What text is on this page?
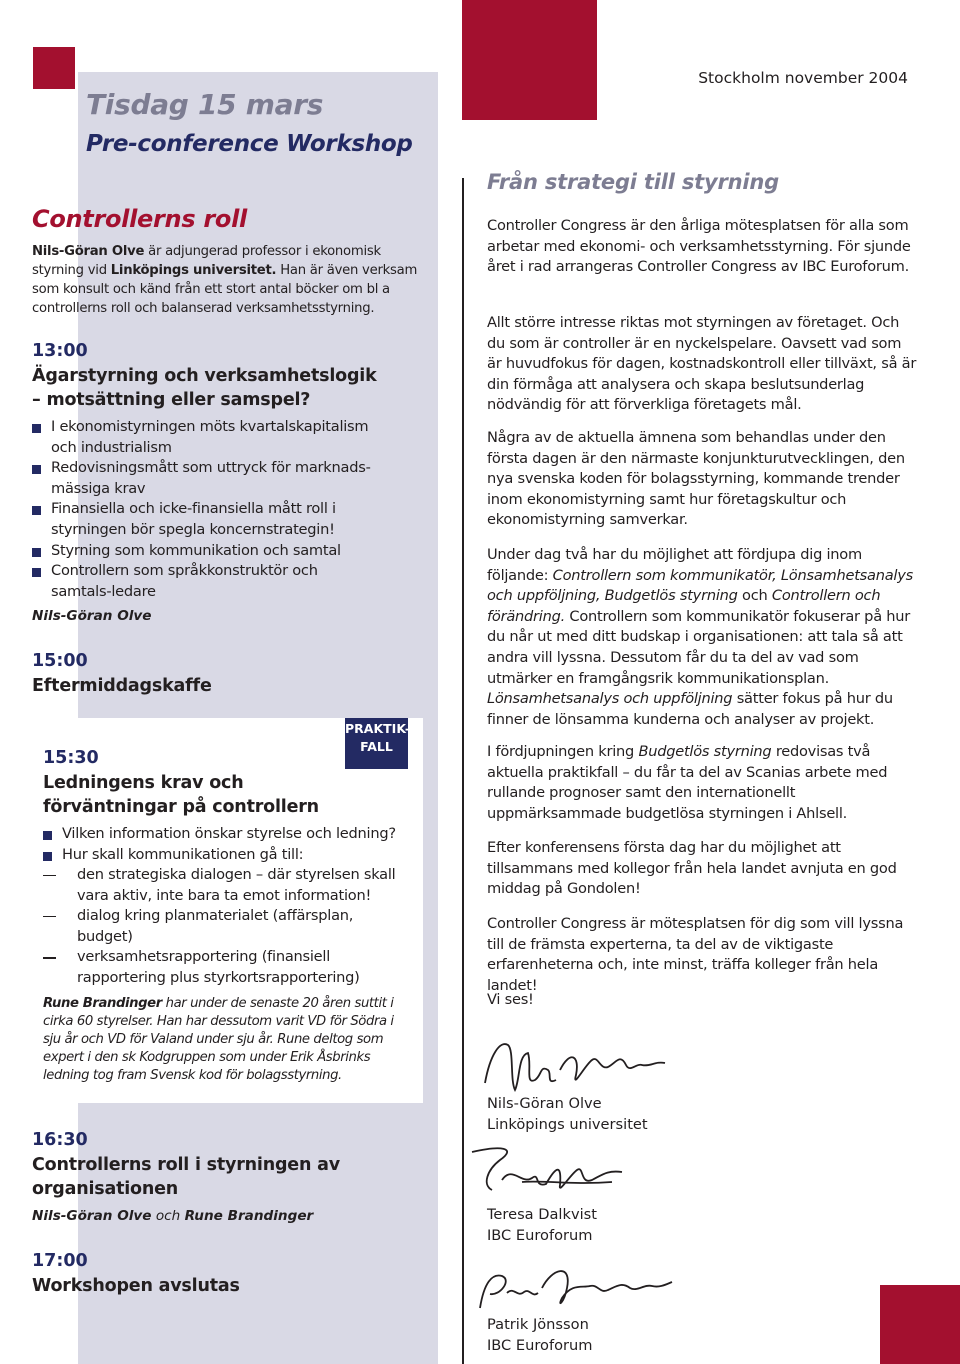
Tisdag 15 mars
Pre-conference Workshop
Stockholm november 2004
Controllerns roll
Nils-Göran Olve är adjungerad professor i ekonomisk styrning vid Linköpings universitet. Han är även verksam som konsult och känd från ett stort antal böcker om bl a controllerns roll och balanserad verksamhetsstyrning.
13:00
Ägarstyrning och verksamhetslogik
– motsättning eller samspel?
I ekonomistyrningen möts kvartalskapitalism och industrialism
Redovisningsmått som uttryck för marknads-mässiga krav
Finansiella och icke-finansiella mått roll i styrningen bör spegla koncernstrategin!
Styrning som kommunikation och samtal
Controllern som språkkonstruktör och samtals-ledare
Nils-Göran Olve
15:00
Eftermiddagskaffe
PRAKTIK-
FALL
15:30
Ledningens krav och
förväntningar på controllern
Vilken information önskar styrelse och ledning?
Hur skall kommunikationen gå till:
den strategiska dialogen – där styrelsen skall vara aktiv, inte bara ta emot information!
dialog kring planmaterialet (affärsplan, budget)
verksamhetsrapportering (finansiell rapportering plus styrkortsrapportering)
Rune Brandinger har under de senaste 20 åren suttit i cirka 60 styrelser. Han har dessutom varit VD för Södra i sju år och VD för Valand under sju år. Rune deltog som expert i den sk Kodgruppen som under Erik Åsbrinks ledning tog fram Svensk kod för bolagsstyrning.
16:30
Controllerns roll i styrningen av
organisationen
Nils-Göran Olve och Rune Brandinger
17:00
Workshopen avslutas
Från strategi till styrning

Controller Congress är den årliga mötesplatsen för alla som arbetar med ekonomi- och verksamhetsstyrning. För sjunde året i rad arrangeras Controller Congress av IBC Euroforum.

Allt större intresse riktas mot styrningen av företaget. Och du som är controller är en nyckelspelare. Oavsett vad som är huvudfokus för dagen, kostnadskontroll eller tillväxt, så är din förmåga att analysera och skapa beslutsunderlag nödvändig för att förverkliga företagets mål.

Några av de aktuella ämnena som behandlas under den första dagen är den närmaste konjunkturutvecklingen, den nya svenska koden för bolagsstyrning, kommande trender inom ekonomistyrning samt hur företagskultur och ekonomistyrning samverkar.

Under dag två har du möjlighet att fördjupa dig inom följande: Controllern som kommunikatör, Lönsamhetsanalys och uppföljning, Budgetlös styrning och Controllern och förändring. Controllern som kommunikatör fokuserar på hur du når ut med ditt budskap i organisationen: att tala så att andra vill lyssna. Dessutom får du ta del av vad som utmärker en framgångsrik kommunikationsplan. Lönsamhetsanalys och uppföljning sätter fokus på hur du finner de lönsamma kunderna och analyser av projekt.

I fördjupningen kring Budgetlös styrning redovisas två aktuella praktikfall – du får ta del av Scanias arbete med rullande prognoser samt den internationellt uppmärksammade budgetlösa styrningen i Ahlsell.

Efter konferensens första dag har du möjlighet att tillsammans med kollegor från hela landet avnjuta en god middag på Gondolen!

Controller Congress är mötesplatsen för dig som vill lyssna till de främsta experterna, ta del av de viktigaste erfarenheterna och, inte minst, träffa kolleger från hela landet!

Vi ses!

Nils-Göran Olve
Linköpings universitet
Teresa Dalkvist
IBC Euroforum
Patrik Jönsson
IBC Euroforum
